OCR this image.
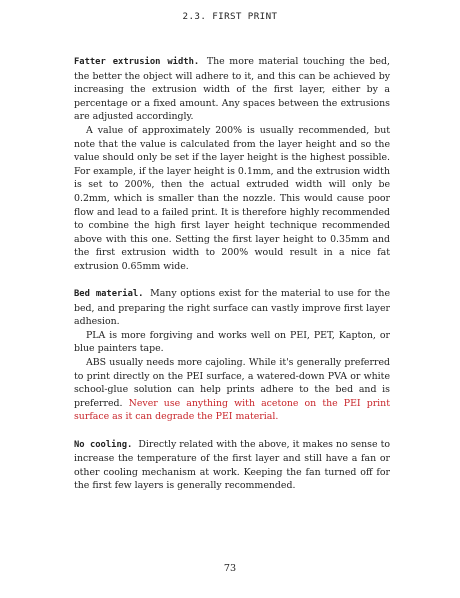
2.3. FIRST PRINT

Fatter extrusion width. The more material touching the bed, the better the object will adhere to it, and this can be achieved by increasing the extrusion width of the first layer, either by a percentage or a fixed amount. Any spaces between the extrusions are adjusted accordingly.

A value of approximately 200% is usually recommended, but note that the value is calculated from the layer height and so the value should only be set if the layer height is the highest possible. For example, if the layer height is 0.1mm, and the extrusion width is set to 200%, then the actual extruded width will only be 0.2mm, which is smaller than the nozzle. This would cause poor flow and lead to a failed print. It is therefore highly recommended to combine the high first layer height technique recommended above with this one. Setting the first layer height to 0.35mm and the first extrusion width to 200% would result in a nice fat extrusion 0.65mm wide.

Bed material. Many options exist for the material to use for the bed, and preparing the right surface can vastly improve first layer adhesion.

PLA is more forgiving and works well on PEI, PET, Kapton, or blue painters tape.

ABS usually needs more cajoling. While it's generally preferred to print directly on the PEI surface, a watered-down PVA or white school-glue solution can help prints adhere to the bed and is preferred. Never use anything with acetone on the PEI print surface as it can degrade the PEI material.

No cooling. Directly related with the above, it makes no sense to increase the temperature of the first layer and still have a fan or other cooling mechanism at work. Keeping the fan turned off for the first few layers is generally recommended.

73
